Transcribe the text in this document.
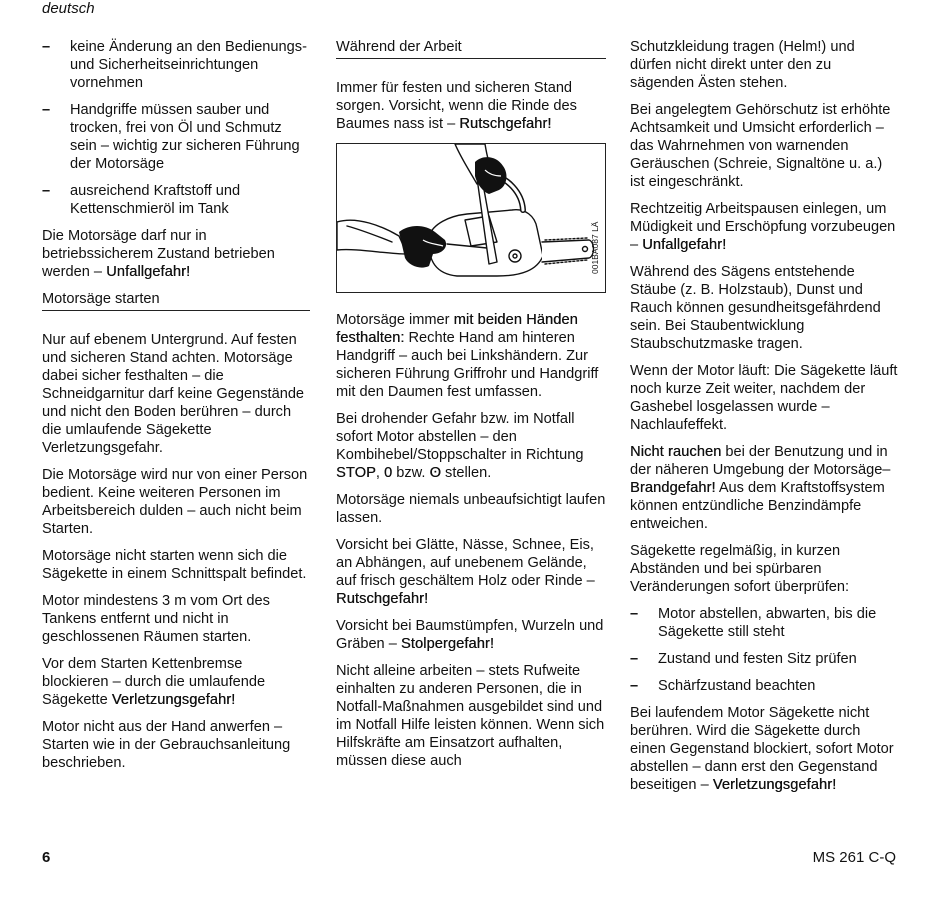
deutsch
– keine Änderung an den Bedienungs- und Sicherheitseinrichtungen vornehmen
– Handgriffe müssen sauber und trocken, frei von Öl und Schmutz sein – wichtig zur sicheren Führung der Motorsäge
– ausreichend Kraftstoff und Kettenschmieröl im Tank

Die Motorsäge darf nur in betriebssicherem Zustand betrieben werden – Unfallgefahr!

Motorsäge starten

Nur auf ebenem Untergrund. Auf festen und sicheren Stand achten. Motorsäge dabei sicher festhalten – die Schneidgarnitur darf keine Gegenstände und nicht den Boden berühren – durch die umlaufende Sägekette Verletzungsgefahr.

Die Motorsäge wird nur von einer Person bedient. Keine weiteren Personen im Arbeitsbereich dulden – auch nicht beim Starten.

Motorsäge nicht starten wenn sich die Sägekette in einem Schnittspalt befindet.

Motor mindestens 3 m vom Ort des Tankens entfernt und nicht in geschlossenen Räumen starten.

Vor dem Starten Kettenbremse blockieren – durch die umlaufende Sägekette Verletzungsgefahr!

Motor nicht aus der Hand anwerfen – Starten wie in der Gebrauchsanleitung beschrieben.

Während der Arbeit

Immer für festen und sicheren Stand sorgen. Vorsicht, wenn die Rinde des Baumes nass ist – Rutschgefahr!

001BA087 LÄ

Motorsäge immer mit beiden Händen festhalten: Rechte Hand am hinteren Handgriff – auch bei Linkshändern. Zur sicheren Führung Griffrohr und Handgriff mit den Daumen fest umfassen.

Bei drohender Gefahr bzw. im Notfall sofort Motor abstellen – den Kombihebel/Stoppschalter in Richtung STOP, 0 bzw. ʘ stellen.

Motorsäge niemals unbeaufsichtigt laufen lassen.

Vorsicht bei Glätte, Nässe, Schnee, Eis, an Abhängen, auf unebenem Gelände, auf frisch geschältem Holz oder Rinde – Rutschgefahr!

Vorsicht bei Baumstümpfen, Wurzeln und Gräben – Stolpergefahr!

Nicht alleine arbeiten – stets Rufweite einhalten zu anderen Personen, die in Notfall-Maßnahmen ausgebildet sind und im Notfall Hilfe leisten können. Wenn sich Hilfskräfte am Einsatzort aufhalten, müssen diese auch

Schutzkleidung tragen (Helm!) und dürfen nicht direkt unter den zu sägenden Ästen stehen.

Bei angelegtem Gehörschutz ist erhöhte Achtsamkeit und Umsicht erforderlich – das Wahrnehmen von warnenden Geräuschen (Schreie, Signaltöne u. a.) ist eingeschränkt.

Rechtzeitig Arbeitspausen einlegen, um Müdigkeit und Erschöpfung vorzubeugen – Unfallgefahr!

Während des Sägens entstehende Stäube (z. B. Holzstaub), Dunst und Rauch können gesundheitsgefährdend sein. Bei Staubentwicklung Staubschutzmaske tragen.

Wenn der Motor läuft: Die Sägekette läuft noch kurze Zeit weiter, nachdem der Gashebel losgelassen wurde – Nachlaufeffekt.

Nicht rauchen bei der Benutzung und in der näheren Umgebung der Motorsäge– Brandgefahr! Aus dem Kraftstoffsystem können entzündliche Benzindämpfe entweichen.

Sägekette regelmäßig, in kurzen Abständen und bei spürbaren Veränderungen sofort überprüfen:

– Motor abstellen, abwarten, bis die Sägekette still steht
– Zustand und festen Sitz prüfen
– Schärfzustand beachten

Bei laufendem Motor Sägekette nicht berühren. Wird die Sägekette durch einen Gegenstand blockiert, sofort Motor abstellen – dann erst den Gegenstand beseitigen – Verletzungsgefahr!

6	MS 261 C-Q
